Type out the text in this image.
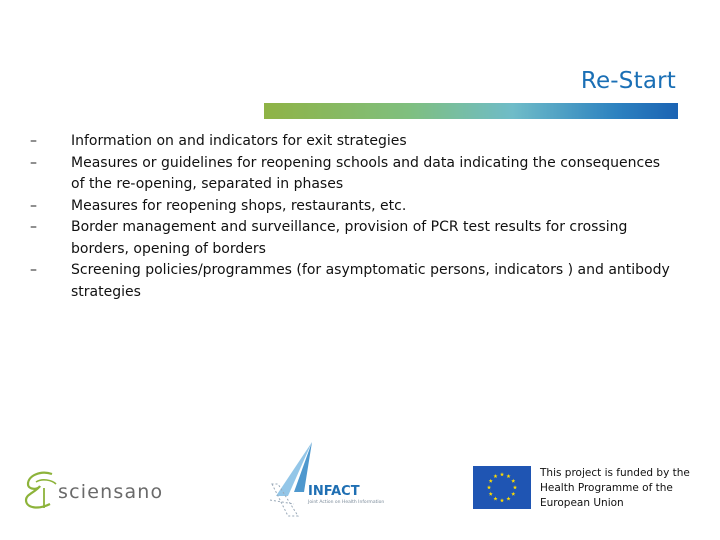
Re-Start
– Information on and indicators for exit strategies
– Measures or guidelines for reopening schools and data indicating the consequences of the re-opening, separated in phases
– Measures for reopening shops, restaurants, etc.
– Border management and surveillance, provision of PCR test results for crossing borders, opening of borders
– Screening policies/programmes (for asymptomatic persons, indicators ) and antibody strategies
sciensano	INFACT
Joint Action on Health Information
This project is funded by the Health Programme of the European Union
